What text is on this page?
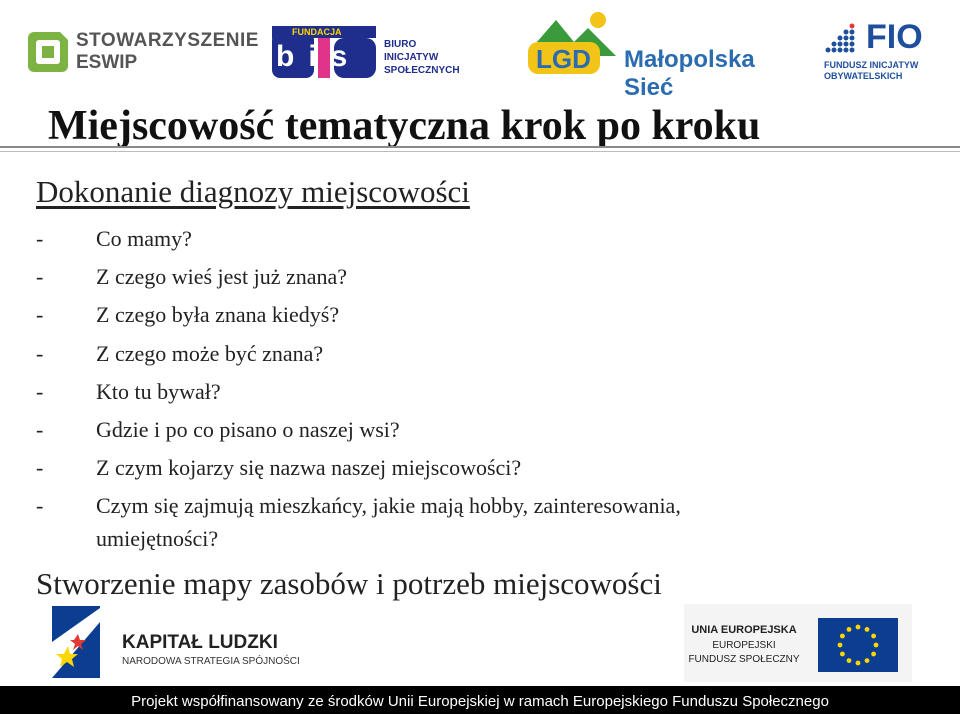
STOWARZYSZENIE
ESWIP
FUNDACJA
bis BIURO
INICJATYW
SPOŁECZNYCH	LGD Małopolska Sieć
FIO
FUNDUSZ INICJATYW
OBYWATELSKICH
Miejscowość tematyczna krok po kroku
Dokonanie diagnozy miejscowości
- Co mamy?
- Z czego wieś jest już znana?
- Z czego była znana kiedyś?
- Z czego może być znana?
- Kto tu bywał?
- Gdzie i po co pisano o naszej wsi?
- Z czym kojarzy się nazwa naszej miejscowości?
- Czym się zajmują mieszkańcy, jakie mają hobby, zainteresowania,
umiejętności?
Stworzenie mapy zasobów i potrzeb miejscowości
KAPITAŁ LUDZKI
NARODOWA STRATEGIA SPÓJNOŚCI
UNIA EUROPEJSKA
EUROPEJSKI
FUNDUSZ SPOŁECZNY
Projekt współfinansowany ze środków Unii Europejskiej w ramach Europejskiego Funduszu Społecznego
